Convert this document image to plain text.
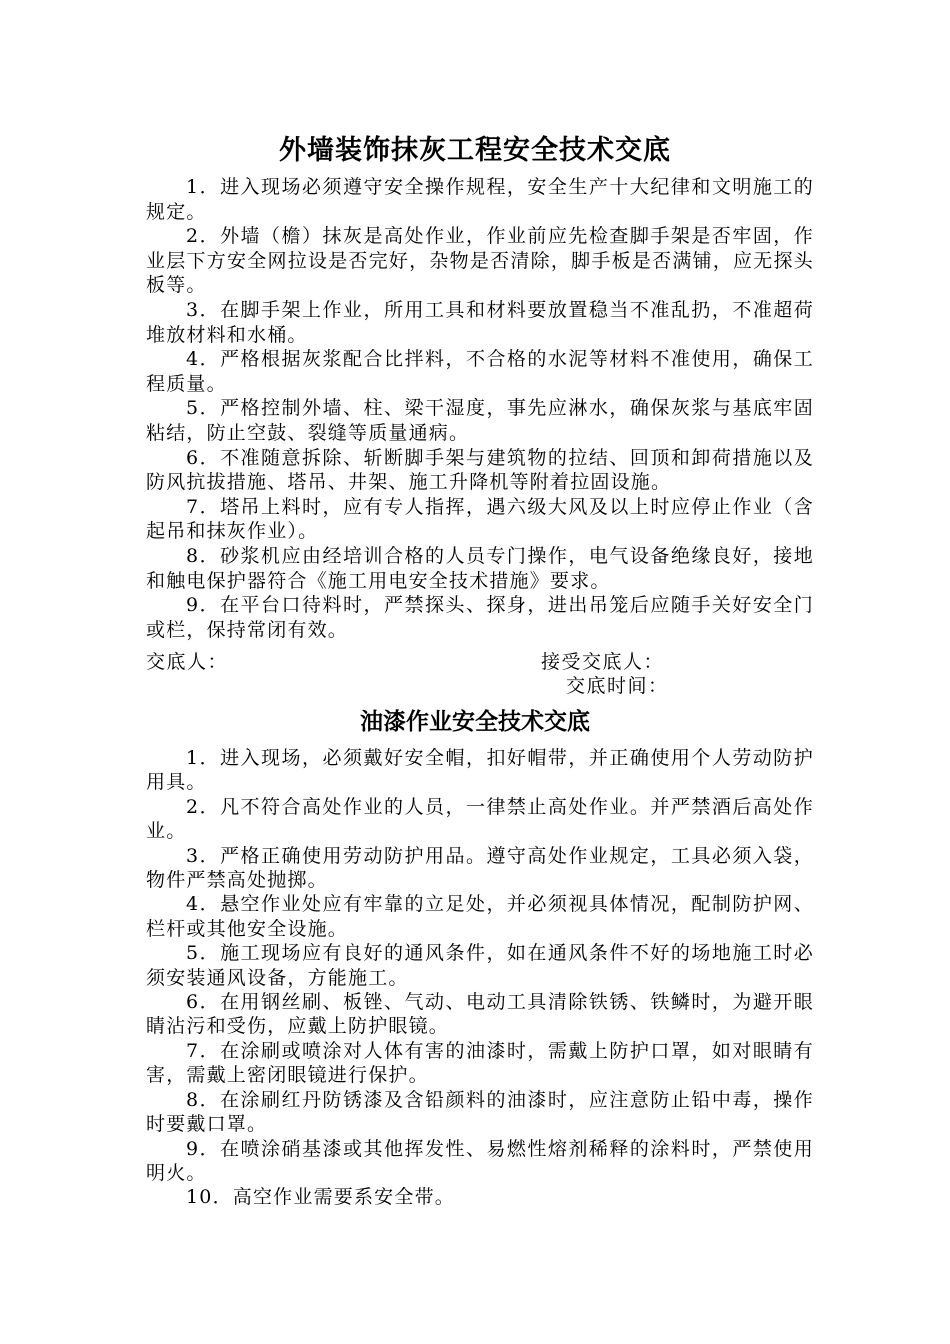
外墙装饰抹灰工程安全技术交底

1．进入现场必须遵守安全操作规程，安全生产十大纪律和文明施工的规定。

2．外墙（檐）抹灰是高处作业，作业前应先检查脚手架是否牢固，作业层下方安全网拉设是否完好，杂物是否清除，脚手板是否满铺，应无探头板等。

3．在脚手架上作业，所用工具和材料要放置稳当不准乱扔，不准超荷堆放材料和水桶。

4．严格根据灰浆配合比拌料，不合格的水泥等材料不准使用，确保工程质量。

5．严格控制外墙、柱、梁干湿度，事先应淋水，确保灰浆与基底牢固粘结，防止空鼓、裂缝等质量通病。

6．不准随意拆除、斩断脚手架与建筑物的拉结、回顶和卸荷措施以及防风抗拔措施、塔吊、井架、施工升降机等附着拉固设施。

7．塔吊上料时，应有专人指挥，遇六级大风及以上时应停止作业（含起吊和抹灰作业）。

8．砂浆机应由经培训合格的人员专门操作，电气设备绝缘良好，接地和触电保护器符合《施工用电安全技术措施》要求。

9．在平台口待料时，严禁探头、探身，进出吊笼后应随手关好安全门或栏，保持常闭有效。

交底人：	接受交底人：
交底时间：
油漆作业安全技术交底

1．进入现场，必须戴好安全帽，扣好帽带，并正确使用个人劳动防护用具。

2．凡不符合高处作业的人员，一律禁止高处作业。并严禁酒后高处作业。

3．严格正确使用劳动防护用品。遵守高处作业规定，工具必须入袋，物件严禁高处抛掷。

4．悬空作业处应有牢靠的立足处，并必须视具体情况，配制防护网、栏杆或其他安全设施。

5．施工现场应有良好的通风条件，如在通风条件不好的场地施工时必须安装通风设备，方能施工。

6．在用钢丝刷、板锉、气动、电动工具清除铁锈、铁鳞时，为避开眼睛沾污和受伤，应戴上防护眼镜。

7．在涂刷或喷涂对人体有害的油漆时，需戴上防护口罩，如对眼睛有害，需戴上密闭眼镜进行保护。

8．在涂刷红丹防锈漆及含铅颜料的油漆时，应注意防止铅中毒，操作时要戴口罩。

9．在喷涂硝基漆或其他挥发性、易燃性熔剂稀释的涂料时，严禁使用明火。

10．高空作业需要系安全带。
